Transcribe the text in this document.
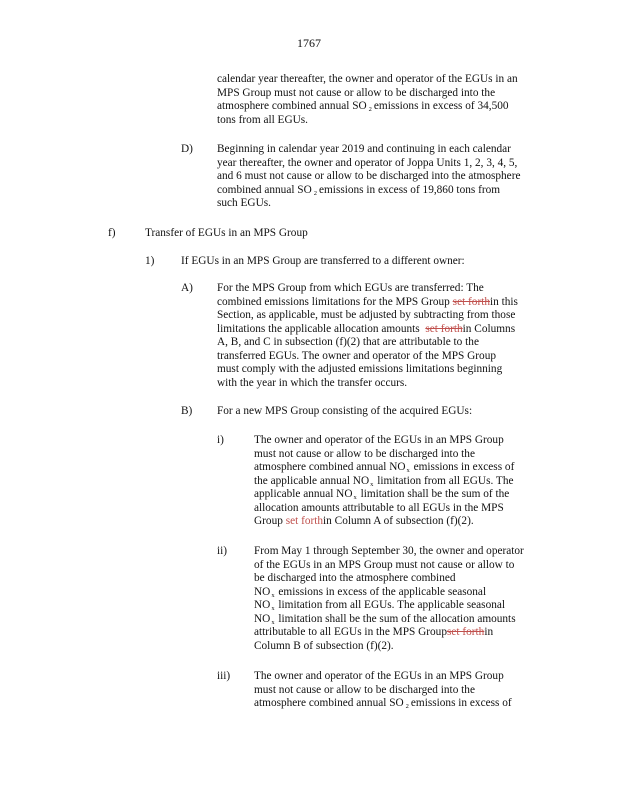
1767
calendar year thereafter, the owner and operator of the EGUs in an
MPS Group must not cause or allow to be discharged into the
atmosphere combined annual SO $_2$ emissions in excess of 34,500
tons from all EGUs.
D) Beginning in calendar year 2019 and continuing in each calendar
year thereafter, the owner and operator of Joppa Units 1, 2, 3, 4, 5,
and 6 must not cause or allow to be discharged into the atmosphere
combined annual SO $_2$ emissions in excess of 19,860 tons from
such EGUs.
f)	Transfer of EGUs in an MPS Group
1) If EGUs in an MPS Group are transferred to a different owner:
A) For the MPS Group from which EGUs are transferred: The
combined emissions limitations for the MPS Group set forthin this
Section, as applicable, must be adjusted by subtracting from those
limitations the applicable allocation amounts set forthin Columns
A, B, and C in subsection (f)(2) that are attributable to the
transferred EGUs. The owner and operator of the MPS Group
must comply with the adjusted emissions limitations beginning
with the year in which the transfer occurs.
B) For a new MPS Group consisting of the acquired EGUs:
i)	The owner and operator of the EGUs in an MPS Group
must not cause or allow to be discharged into the
atmosphere combined annual $NO_x$ emissions in excess of
the applicable annual $NO_x$ limitation from all EGUs. The
applicable annual $NO_x$ limitation shall be the sum of the
allocation amounts attributable to all EGUs in the MPS
Group set forthin Column A of subsection (f)(2).
ii) From May 1 through September 30, the owner and operator
of the EGUs in an MPS Group must not cause or allow to
be discharged into the atmosphere combined
$NO_x$ emissions in excess of the applicable seasonal
$NO_x$ limitation from all EGUs. The applicable seasonal
$NO_x$ limitation shall be the sum of the allocation amounts
attributable to all EGUs in the MPS Groupset forthin
Column B of subsection (f)(2).
iii) The owner and operator of the EGUs in an MPS Group
must not cause or allow to be discharged into the
atmosphere combined annual SO $_2$ emissions in excess of
